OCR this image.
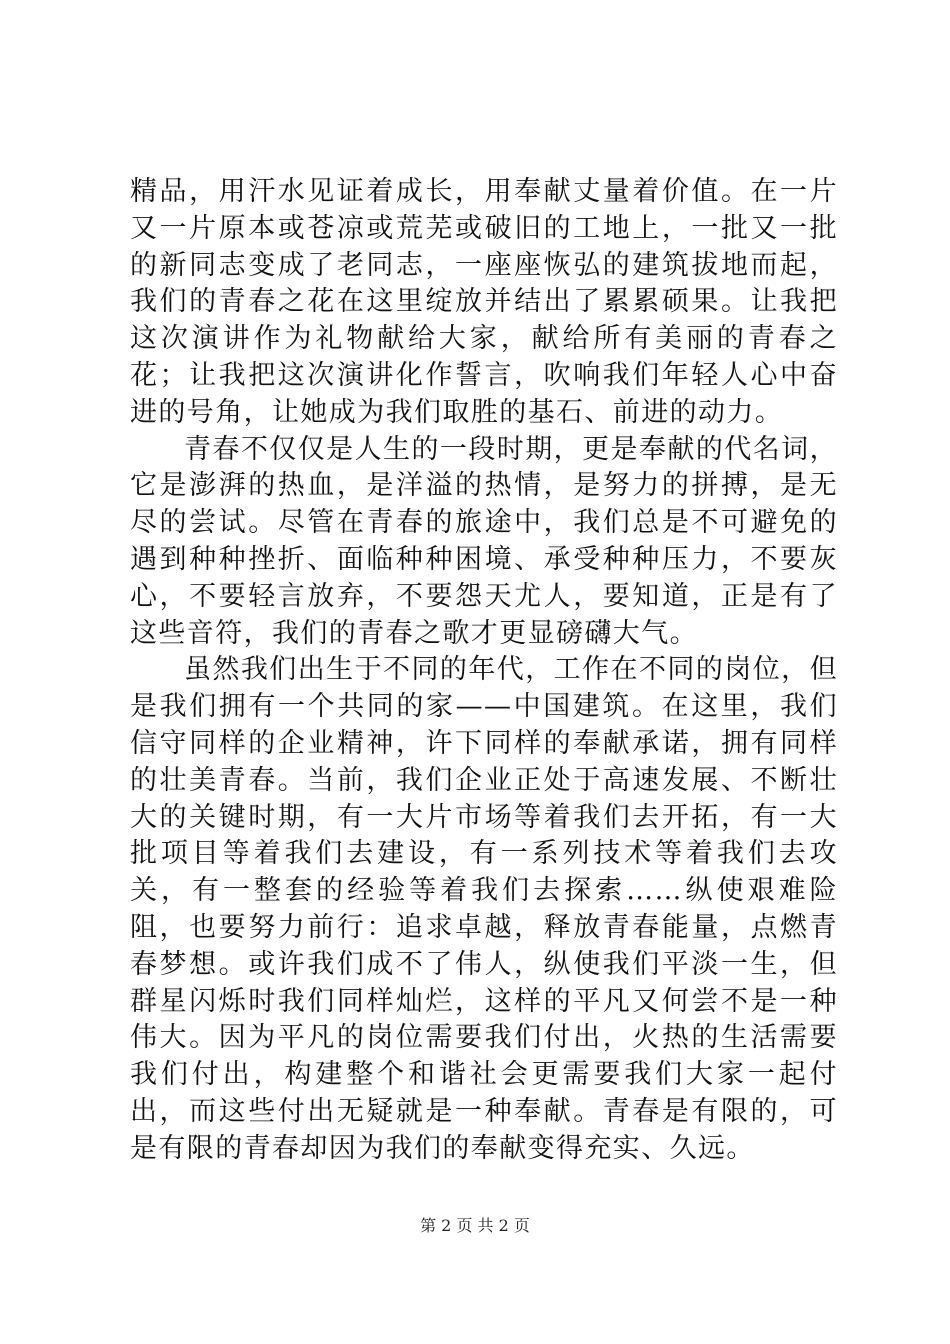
精品，用汗水见证着成长，用奉献丈量着价值。在一片又一片原本或苍凉或荒芜或破旧的工地上，一批又一批的新同志变成了老同志，一座座恢弘的建筑拔地而起，我们的青春之花在这里绽放并结出了累累硕果。让我把这次演讲作为礼物献给大家，献给所有美丽的青春之花；让我把这次演讲化作誓言，吹响我们年轻人心中奋进的号角，让她成为我们取胜的基石、前进的动力。

青春不仅仅是人生的一段时期，更是奉献的代名词，它是澎湃的热血，是洋溢的热情，是努力的拼搏，是无尽的尝试。尽管在青春的旅途中，我们总是不可避免的遇到种种挫折、面临种种困境、承受种种压力，不要灰心，不要轻言放弃，不要怨天尤人，要知道，正是有了这些音符，我们的青春之歌才更显磅礴大气。

虽然我们出生于不同的年代，工作在不同的岗位，但是我们拥有一个共同的家——中国建筑。在这里，我们信守同样的企业精神，许下同样的奉献承诺，拥有同样的壮美青春。当前，我们企业正处于高速发展、不断壮大的关键时期，有一大片市场等着我们去开拓，有一大批项目等着我们去建设，有一系列技术等着我们去攻关，有一整套的经验等着我们去探索……纵使艰难险阻，也要努力前行：追求卓越，释放青春能量，点燃青春梦想。或许我们成不了伟人，纵使我们平淡一生，但群星闪烁时我们同样灿烂，这样的平凡又何尝不是一种伟大。因为平凡的岗位需要我们付出，火热的生活需要我们付出，构建整个和谐社会更需要我们大家一起付出，而这些付出无疑就是一种奉献。青春是有限的，可是有限的青春却因为我们的奉献变得充实、久远。

第 2 页 共 2 页
